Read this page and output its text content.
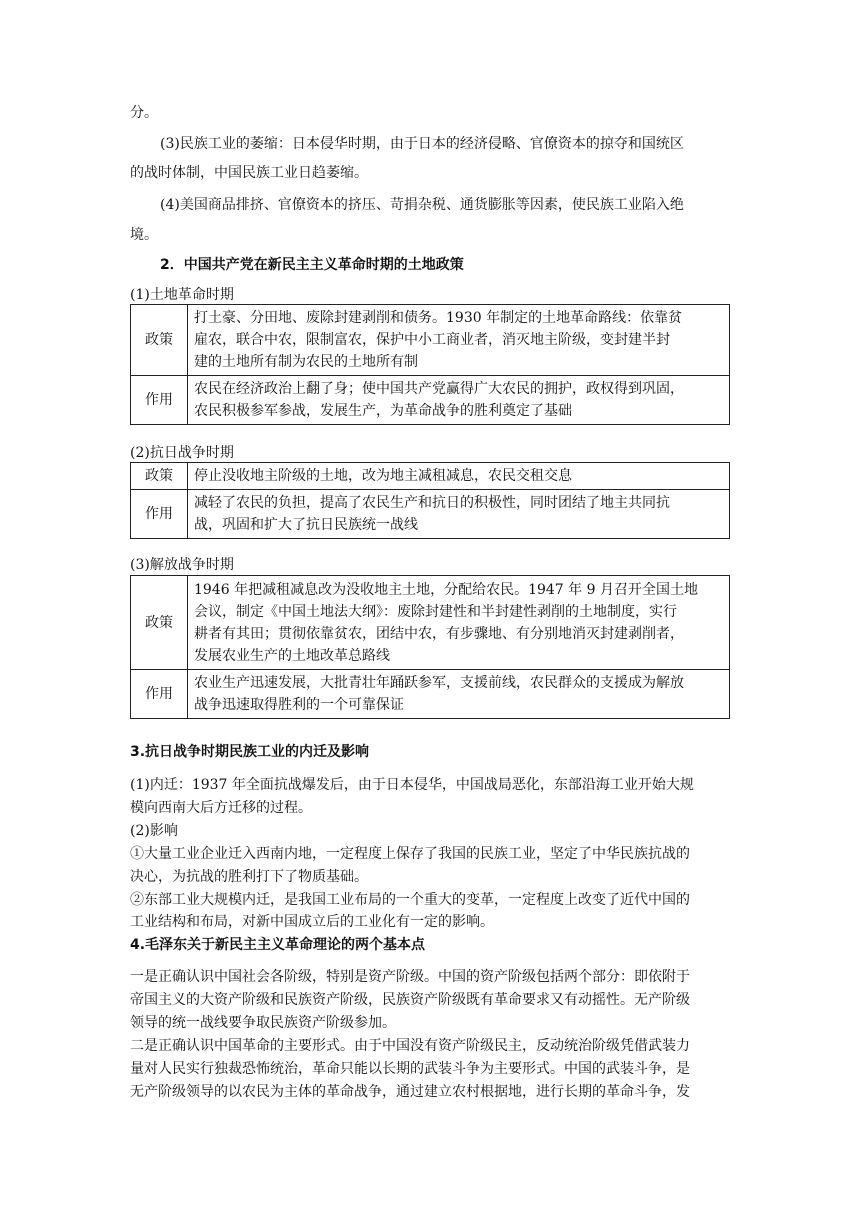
分。
(3)民族工业的萎缩：日本侵华时期，由于日本的经济侵略、官僚资本的掠夺和国统区
的战时体制，中国民族工业日趋萎缩。
(4)美国商品排挤、官僚资本的挤压、苛捐杂税、通货膨胀等因素，使民族工业陷入绝
境。
2．中国共产党在新民主主义革命时期的土地政策
(1)土地革命时期
政策	打土豪、分田地、废除封建剥削和债务。1930 年制定的土地革命路线：依靠贫
雇农，联合中农，限制富农，保护中小工商业者，消灭地主阶级，变封建半封
建的土地所有制为农民的土地所有制

作用	农民在经济政治上翻了身；使中国共产党赢得广大农民的拥护，政权得到巩固，
农民积极参军参战，发展生产，为革命战争的胜利奠定了基础
(2)抗日战争时期
政策	停止没收地主阶级的土地，改为地主减租减息，农民交租交息

作用	减轻了农民的负担，提高了农民生产和抗日的积极性，同时团结了地主共同抗
战，巩固和扩大了抗日民族统一战线
(3)解放战争时期
政策	1946 年把减租减息改为没收地主土地，分配给农民。1947 年 9 月召开全国土地
会议，制定《中国土地法大纲》：废除封建性和半封建性剥削的土地制度，实行
耕者有其田；贯彻依靠贫农，团结中农，有步骤地、有分别地消灭封建剥削者，
发展农业生产的土地改革总路线

作用	农业生产迅速发展，大批青壮年踊跃参军，支援前线，农民群众的支援成为解放
战争迅速取得胜利的一个可靠保证
3.抗日战争时期民族工业的内迁及影响
(1)内迁：1937 年全面抗战爆发后，由于日本侵华，中国战局恶化，东部沿海工业开始大规
模向西南大后方迁移的过程。
(2)影响
①大量工业企业迁入西南内地，一定程度上保存了我国的民族工业，坚定了中华民族抗战的
决心，为抗战的胜利打下了物质基础。
②东部工业大规模内迁，是我国工业布局的一个重大的变革，一定程度上改变了近代中国的
工业结构和布局，对新中国成立后的工业化有一定的影响。
4.毛泽东关于新民主主义革命理论的两个基本点
一是正确认识中国社会各阶级，特别是资产阶级。中国的资产阶级包括两个部分：即依附于
帝国主义的大资产阶级和民族资产阶级，民族资产阶级既有革命要求又有动摇性。无产阶级
领导的统一战线要争取民族资产阶级参加。
二是正确认识中国革命的主要形式。由于中国没有资产阶级民主，反动统治阶级凭借武装力
量对人民实行独裁恐怖统治，革命只能以长期的武装斗争为主要形式。中国的武装斗争，是
无产阶级领导的以农民为主体的革命战争，通过建立农村根据地，进行长期的革命斗争，发
